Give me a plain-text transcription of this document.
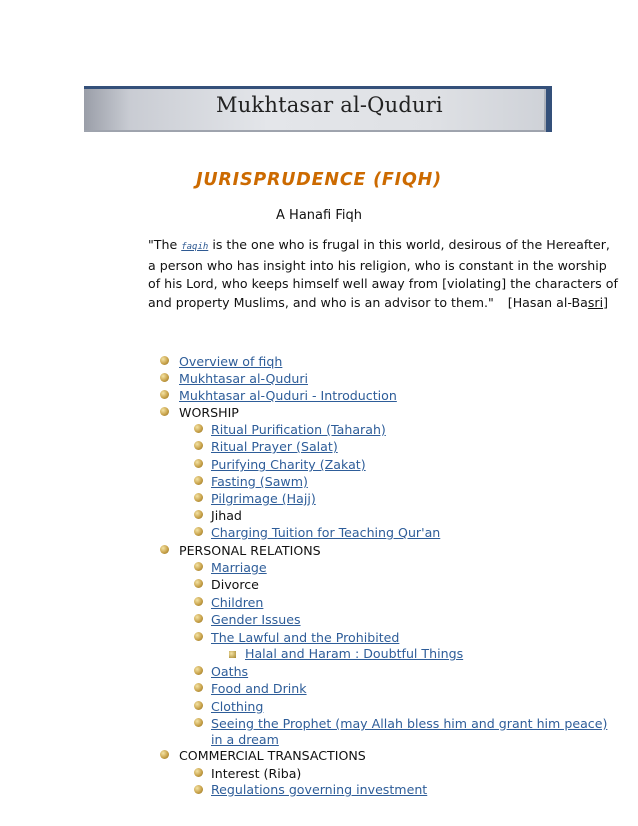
Mukhtasar al-Quduri
JURISPRUDENCE (FIQH)
A Hanafi Fiqh
"The faqih is the one who is frugal in this world, desirous of the Hereafter,
a person who has insight into his religion, who is constant in the worship
of his Lord, who keeps himself well away from [violating] the characters of
and property Muslims, and who is an advisor to them." [Hasan al-Basri]
Overview of fiqh
Mukhtasar al-Quduri
Mukhtasar al-Quduri - Introduction
WORSHIP
Ritual Purification (Taharah)
Ritual Prayer (Salat)
Purifying Charity (Zakat)
Fasting (Sawm)
Pilgrimage (Hajj)
Jihad
Charging Tuition for Teaching Qur'an
PERSONAL RELATIONS
Marriage
Divorce
Children
Gender Issues
The Lawful and the Prohibited
Halal and Haram : Doubtful Things
Oaths
Food and Drink
Clothing
Seeing the Prophet (may Allah bless him and grant him peace)
in a dream
COMMERCIAL TRANSACTIONS
Interest (Riba)
Regulations governing investment
